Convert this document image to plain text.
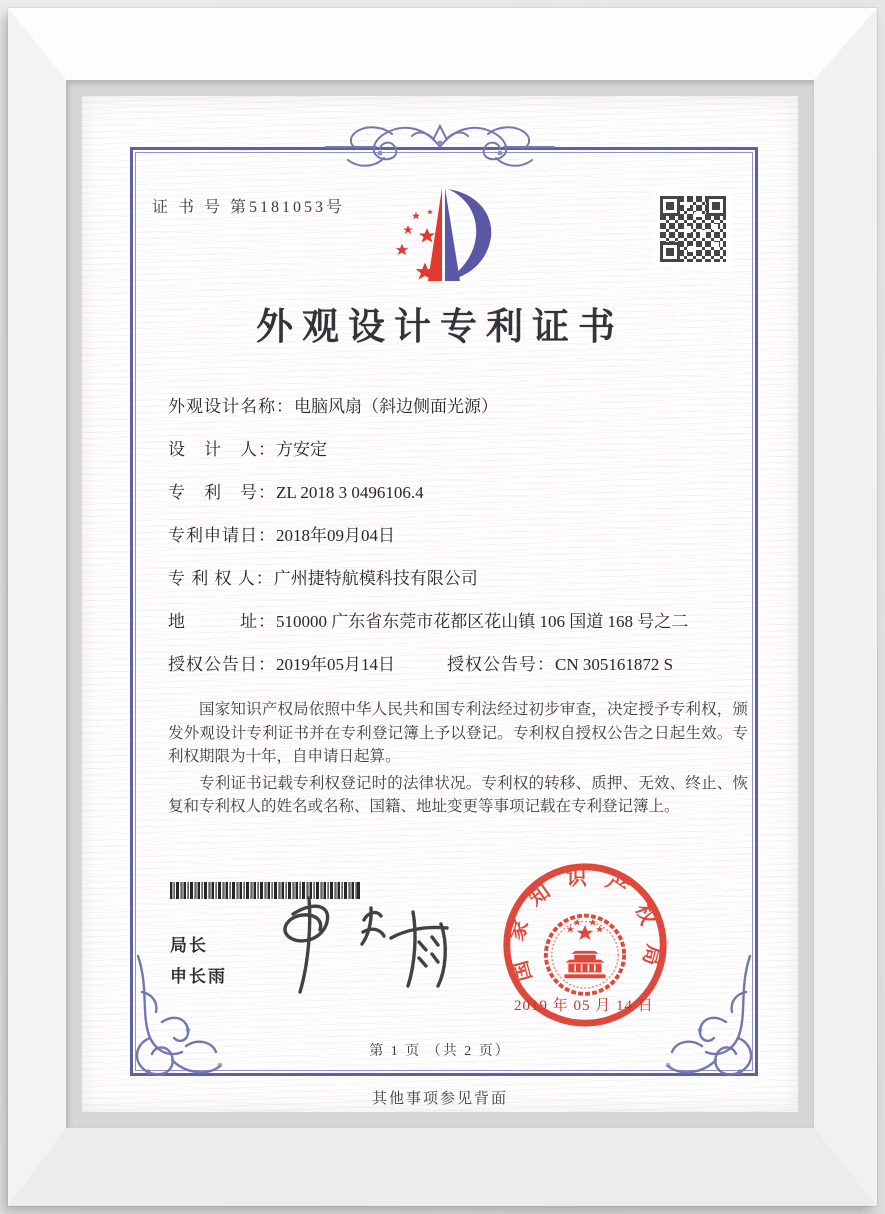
证 书 号 第5181053号
外观设计专利证书
外观设计名称：电脑风扇（斜边侧面光源）
设　计　人：方安定
专　利　号：ZL 2018 3 0496106.4
专利申请日：2018年09月04日
专 利 权 人：广州捷特航模科技有限公司
地　　　址：510000 广东省东莞市花都区花山镇 106 国道 168 号之二
授权公告日：2019年05月14日	授权公告号：CN 305161872 S

国家知识产权局依照中华人民共和国专利法经过初步审查，决定授予专利权，颁发外观设计专利证书并在专利登记簿上予以登记。专利权自授权公告之日起生效。专利权期限为十年，自申请日起算。

专利证书记载专利权登记时的法律状况。专利权的转移、质押、无效、终止、恢复和专利权人的姓名或名称、国籍、地址变更等事项记载在专利登记簿上。

局长
申长雨	国家知识产权局
2019 年 05 月 14 日
第 1 页 （共 2 页）
其他事项参见背面
